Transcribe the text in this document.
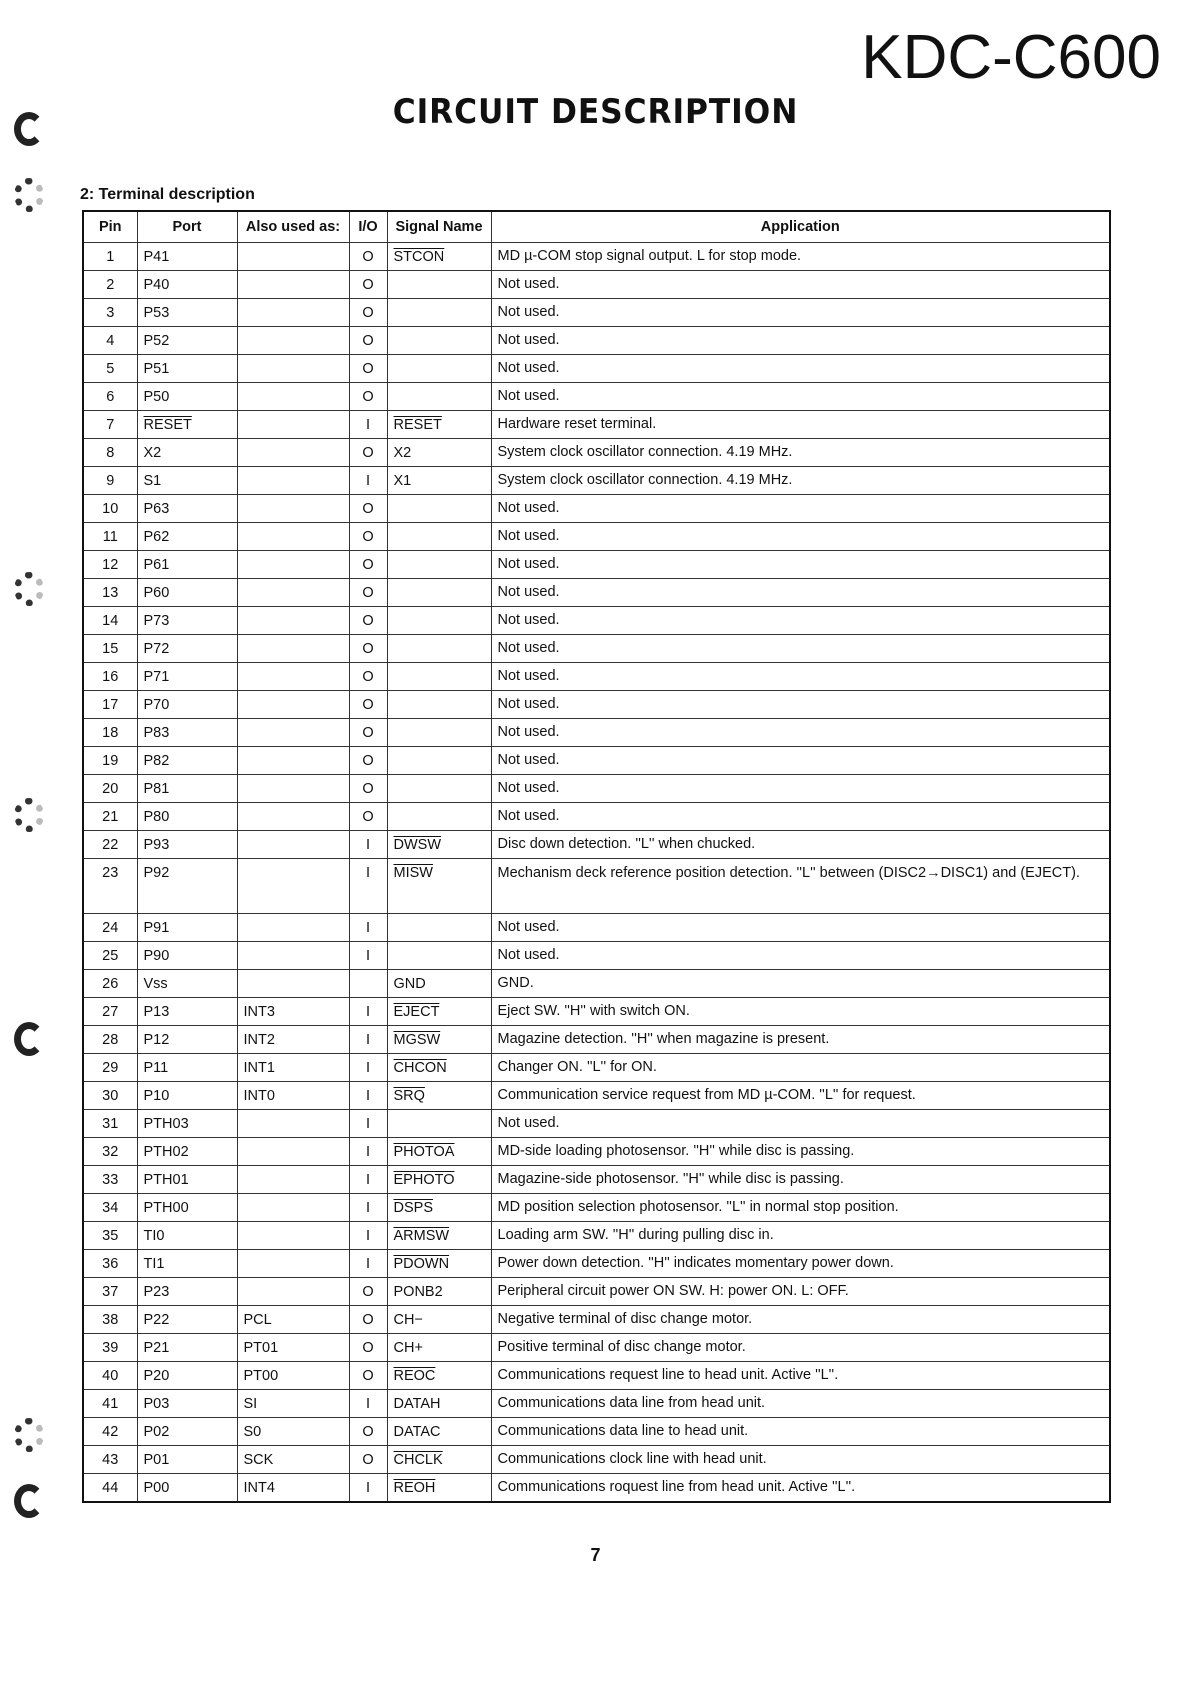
KDC-C600
CIRCUIT DESCRIPTION
2: Terminal description
Pin	Port	Also used as:	I/O	Signal Name	Application
1	P41		O	STCON	MD µ-COM stop signal output. L for stop mode.
2	P40		O		Not used.
3	P53		O		Not used.
4	P52		O		Not used.
5	P51		O		Not used.
6	P50		O		Not used.
7	RESET		I	RESET	Hardware reset terminal.
8	X2		O	X2	System clock oscillator connection. 4.19 MHz.
9	S1		I	X1	System clock oscillator connection. 4.19 MHz.
10	P63		O		Not used.
11	P62		O		Not used.
12	P61		O		Not used.
13	P60		O		Not used.
14	P73		O		Not used.
15	P72		O		Not used.
16	P71		O		Not used.
17	P70		O		Not used.
18	P83		O		Not used.
19	P82		O		Not used.
20	P81		O		Not used.
21	P80		O		Not used.
22	P93		I	DWSW	Disc down detection. ''L'' when chucked.
23	P92		I	MISW	Mechanism deck reference position detection. ''L'' between (DISC2→DISC1) and (EJECT).
24	P91		I		Not used.
25	P90		I		Not used.
26	Vss			GND	GND.
27	P13	INT3	I	EJECT	Eject SW. ''H'' with switch ON.
28	P12	INT2	I	MGSW	Magazine detection. ''H'' when magazine is present.
29	P11	INT1	I	CHCON	Changer ON. ''L'' for ON.
30	P10	INT0	I	$\overline{SRQ}$	Communication service request from MD µ-COM. ''L'' for request.
31	PTH03		I		Not used.
32	PTH02		I	PHOTOA	MD-side loading photosensor. ''H'' while disc is passing.
33	PTH01		I	EPHOTO	Magazine-side photosensor. ''H'' while disc is passing.
34	PTH00		I	DSPS	MD position selection photosensor. ''L'' in normal stop position.
35	TI0		I	ARMSW	Loading arm SW. ''H'' during pulling disc in.
36	TI1		I	PDOWN	Power down detection. ''H'' indicates momentary power down.
37	P23		O	PONB2	Peripheral circuit power ON SW. H: power ON. L: OFF.
38	P22	PCL	O	CH−	Negative terminal of disc change motor.
39	P21	PT01	O	CH+	Positive terminal of disc change motor.
40	P20	PT00	O	REOC	Communications request line to head unit. Active ''L''.
41	P03	SI	I	DATAH	Communications data line from head unit.
42	P02	S0	O	DATAC	Communications data line to head unit.
43	P01	SCK	O	CHCLK	Communications clock line with head unit.
44	P00	INT4	I	REOH	Communications roquest line from head unit. Active ''L''.
7
